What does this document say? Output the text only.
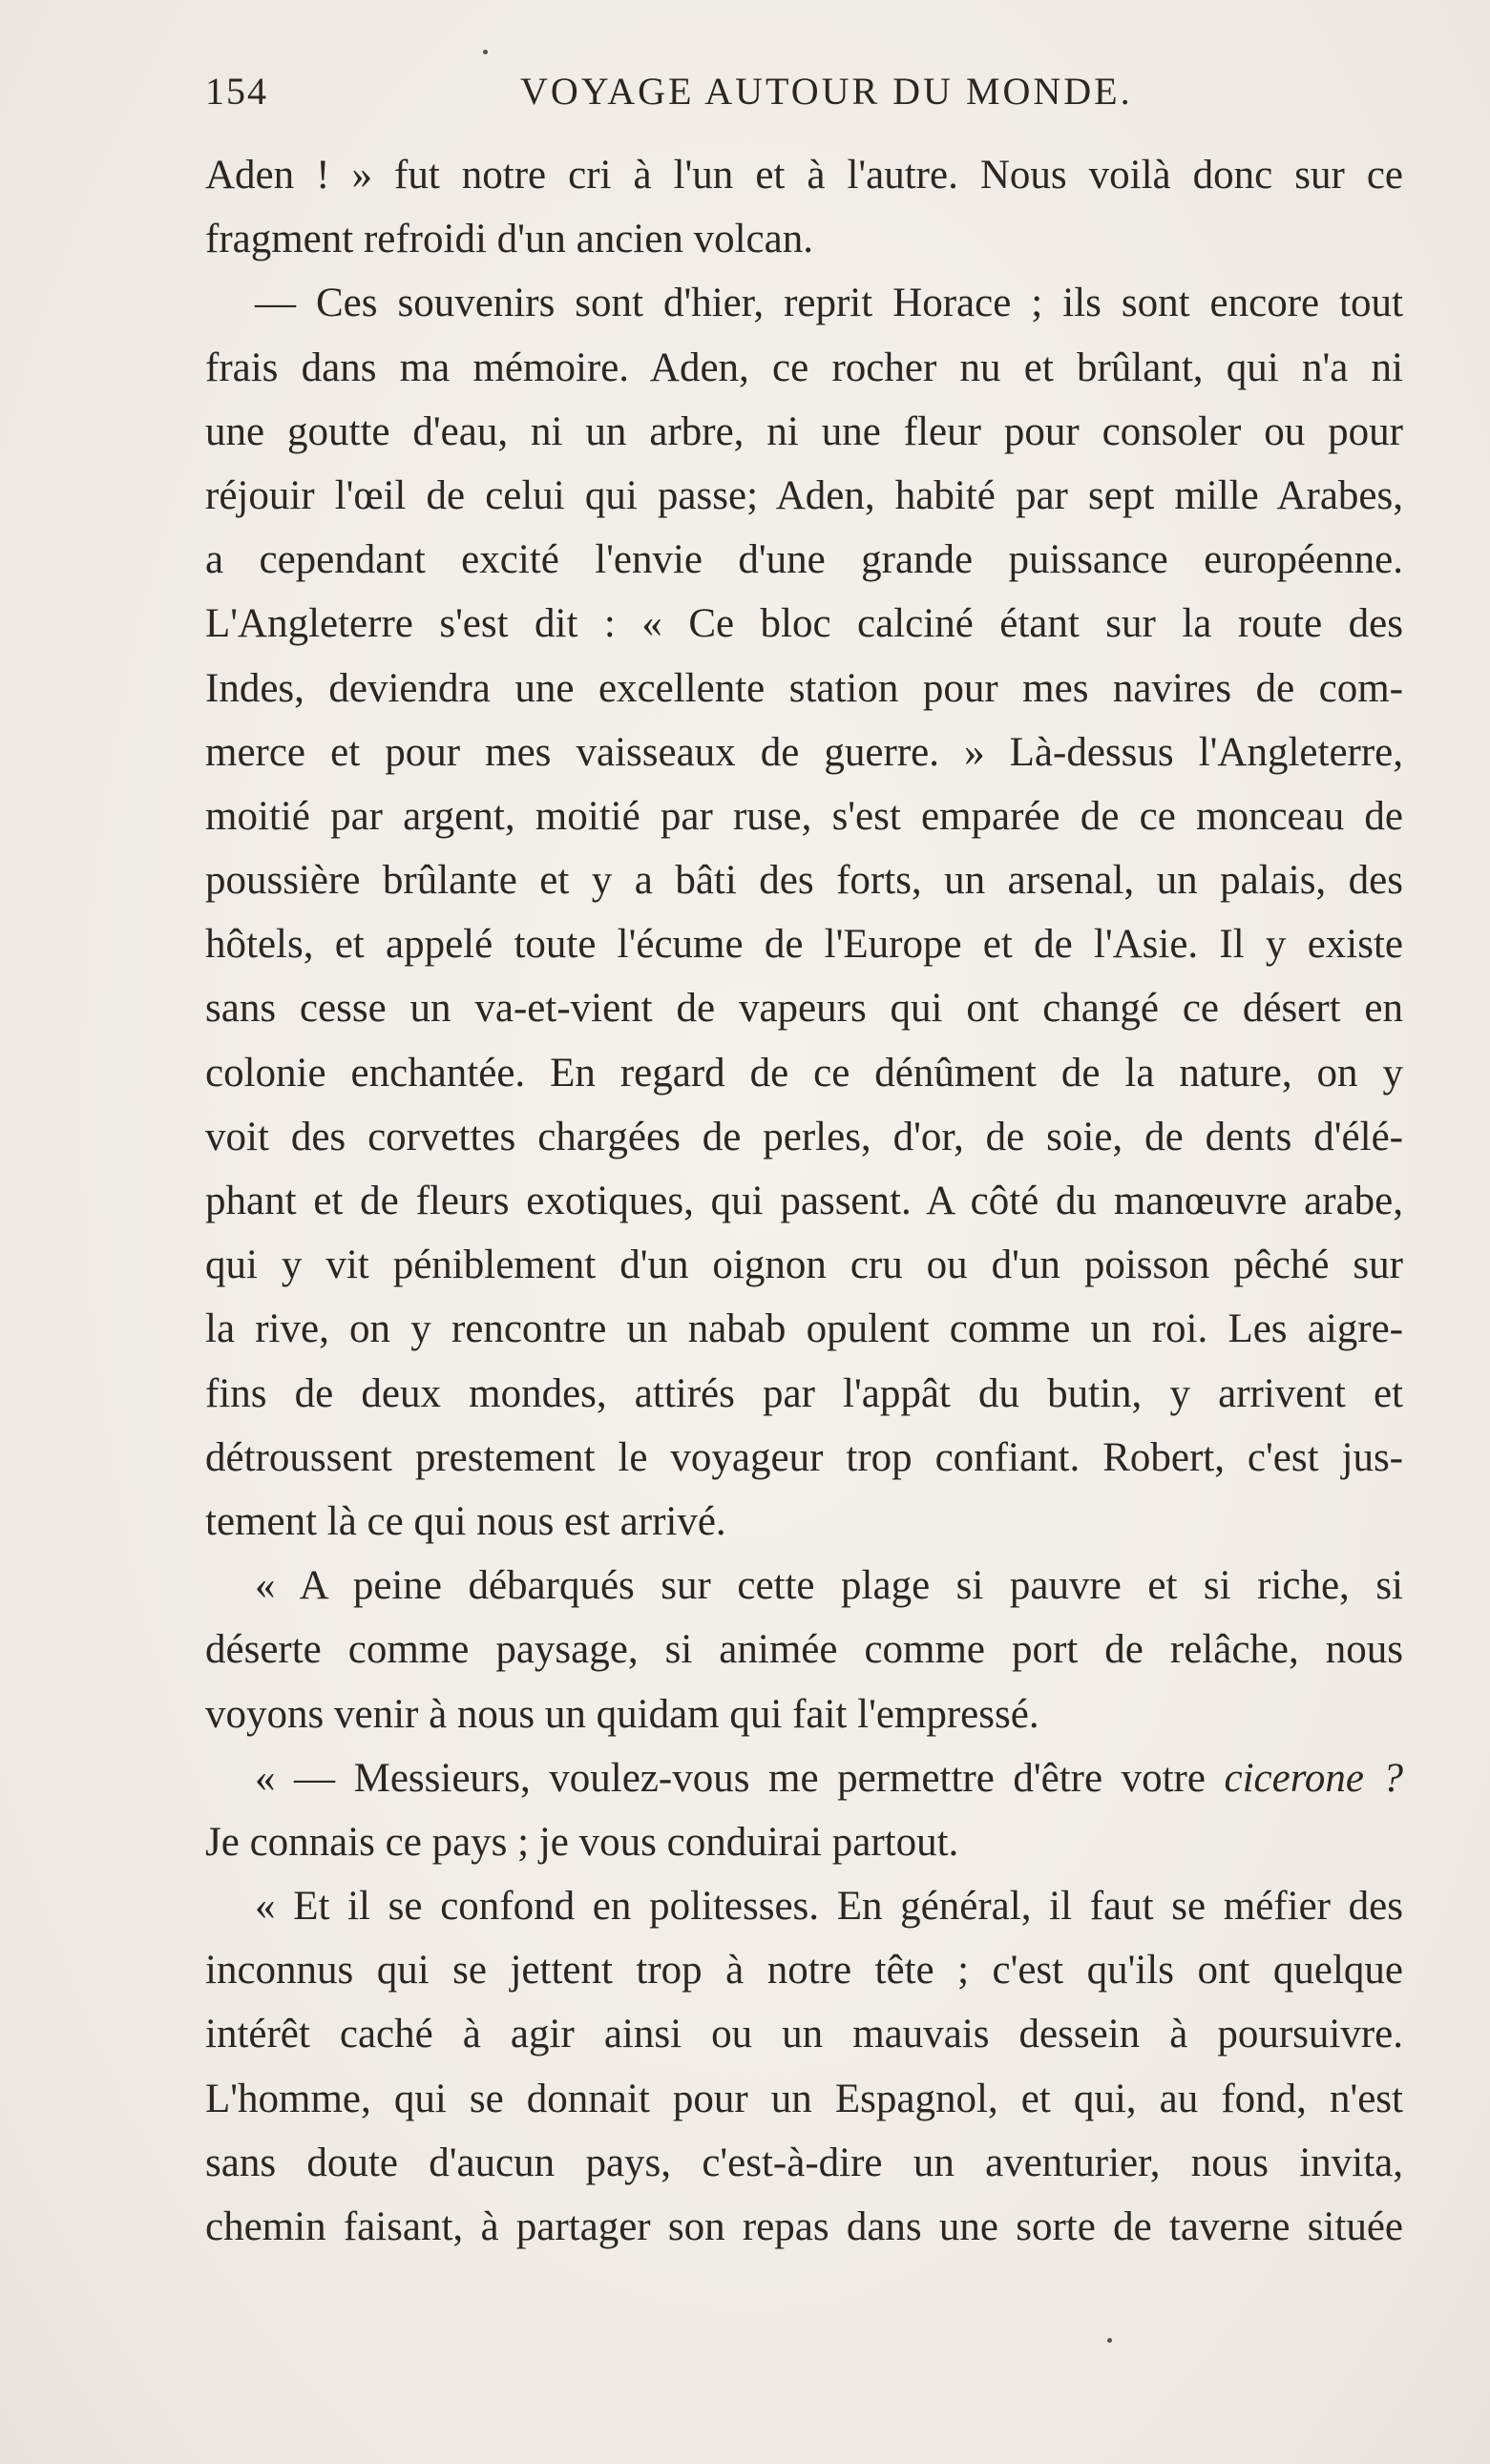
154	VOYAGE AUTOUR DU MONDE.
Aden ! » fut notre cri à l'un et à l'autre. Nous voilà donc sur ce
fragment refroidi d'un ancien volcan.
— Ces souvenirs sont d'hier, reprit Horace ; ils sont encore tout
frais dans ma mémoire. Aden, ce rocher nu et brûlant, qui n'a ni
une goutte d'eau, ni un arbre, ni une fleur pour consoler ou pour
réjouir l'œil de celui qui passe; Aden, habité par sept mille Arabes,
a cependant excité l'envie d'une grande puissance européenne.
L'Angleterre s'est dit : « Ce bloc calciné étant sur la route des
Indes, deviendra une excellente station pour mes navires de com-
merce et pour mes vaisseaux de guerre. » Là-dessus l'Angleterre,
moitié par argent, moitié par ruse, s'est emparée de ce monceau de
poussière brûlante et y a bâti des forts, un arsenal, un palais, des
hôtels, et appelé toute l'écume de l'Europe et de l'Asie. Il y existe
sans cesse un va-et-vient de vapeurs qui ont changé ce désert en
colonie enchantée. En regard de ce dénûment de la nature, on y
voit des corvettes chargées de perles, d'or, de soie, de dents d'élé-
phant et de fleurs exotiques, qui passent. A côté du manœuvre arabe,
qui y vit péniblement d'un oignon cru ou d'un poisson pêché sur
la rive, on y rencontre un nabab opulent comme un roi. Les aigre-
fins de deux mondes, attirés par l'appât du butin, y arrivent et
détroussent prestement le voyageur trop confiant. Robert, c'est jus-
tement là ce qui nous est arrivé.
« A peine débarqués sur cette plage si pauvre et si riche, si
déserte comme paysage, si animée comme port de relâche, nous
voyons venir à nous un quidam qui fait l'empressé.
« — Messieurs, voulez-vous me permettre d'être votre cicerone ?
Je connais ce pays ; je vous conduirai partout.
« Et il se confond en politesses. En général, il faut se méfier des
inconnus qui se jettent trop à notre tête ; c'est qu'ils ont quelque
intérêt caché à agir ainsi ou un mauvais dessein à poursuivre.
L'homme, qui se donnait pour un Espagnol, et qui, au fond, n'est
sans doute d'aucun pays, c'est-à-dire un aventurier, nous invita,
chemin faisant, à partager son repas dans une sorte de taverne située
